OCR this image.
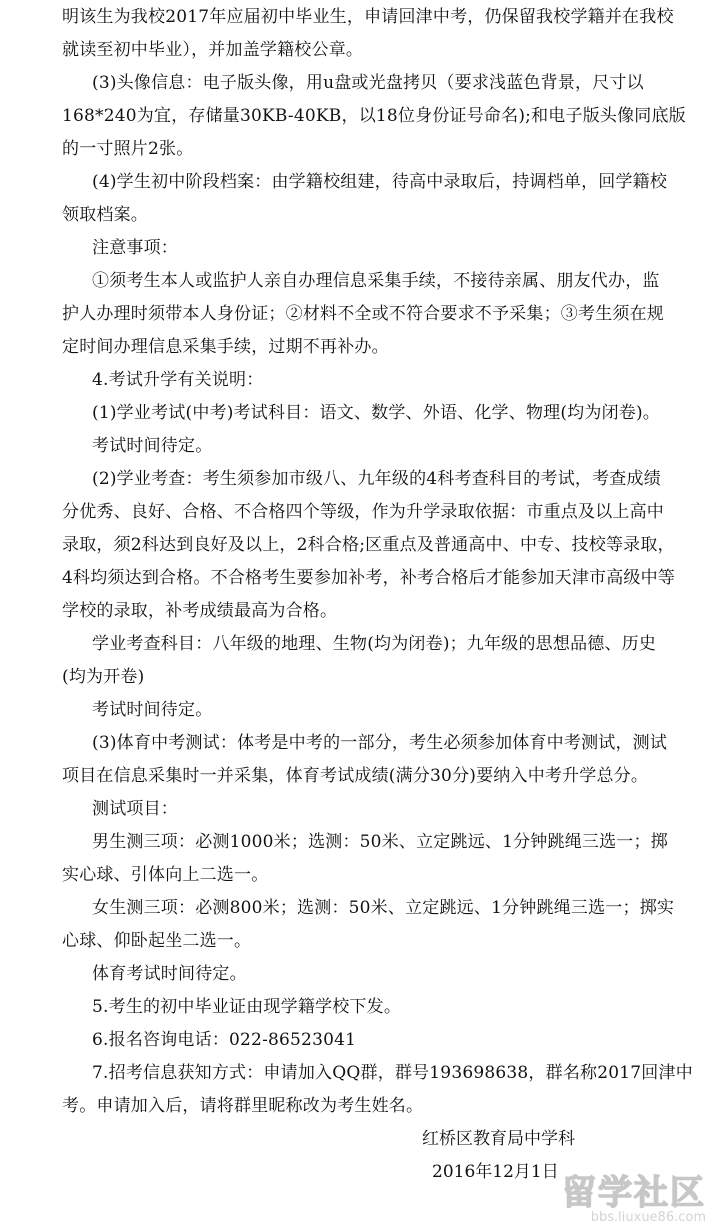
明该生为我校2017年应届初中毕业生，申请回津中考，仍保留我校学籍并在我校
就读至初中毕业），并加盖学籍校公章。
(3)头像信息：电子版头像，用u盘或光盘拷贝（要求浅蓝色背景，尺寸以
168*240为宜，存储量30KB-40KB，以18位身份证号命名);和电子版头像同底版
的一寸照片2张。
(4)学生初中阶段档案：由学籍校组建，待高中录取后，持调档单，回学籍校
领取档案。
注意事项：
①须考生本人或监护人亲自办理信息采集手续，不接待亲属、朋友代办，监
护人办理时须带本人身份证；②材料不全或不符合要求不予采集；③考生须在规
定时间办理信息采集手续，过期不再补办。
4.考试升学有关说明：
(1)学业考试(中考)考试科目：语文、数学、外语、化学、物理(均为闭卷)。
考试时间待定。
(2)学业考查：考生须参加市级八、九年级的4科考查科目的考试，考查成绩
分优秀、良好、合格、不合格四个等级，作为升学录取依据：市重点及以上高中
录取，须2科达到良好及以上，2科合格;区重点及普通高中、中专、技校等录取，
4科均须达到合格。不合格考生要参加补考，补考合格后才能参加天津市高级中等
学校的录取，补考成绩最高为合格。
学业考查科目：八年级的地理、生物(均为闭卷)；九年级的思想品德、历史
(均为开卷)
考试时间待定。
(3)体育中考测试：体考是中考的一部分，考生必须参加体育中考测试，测试
项目在信息采集时一并采集，体育考试成绩(满分30分)要纳入中考升学总分。
测试项目：
男生测三项：必测1000米；选测：50米、立定跳远、1分钟跳绳三选一；掷
实心球、引体向上二选一。
女生测三项：必测800米；选测：50米、立定跳远、1分钟跳绳三选一；掷实
心球、仰卧起坐二选一。
体育考试时间待定。
5.考生的初中毕业证由现学籍学校下发。
6.报名咨询电话：022-86523041
7.招考信息获知方式：申请加入QQ群，群号193698638，群名称2017回津中
考。申请加入后，请将群里昵称改为考生姓名。
红桥区教育局中学科
2016年12月1日
留学社区
bbs.liuxue86.com
